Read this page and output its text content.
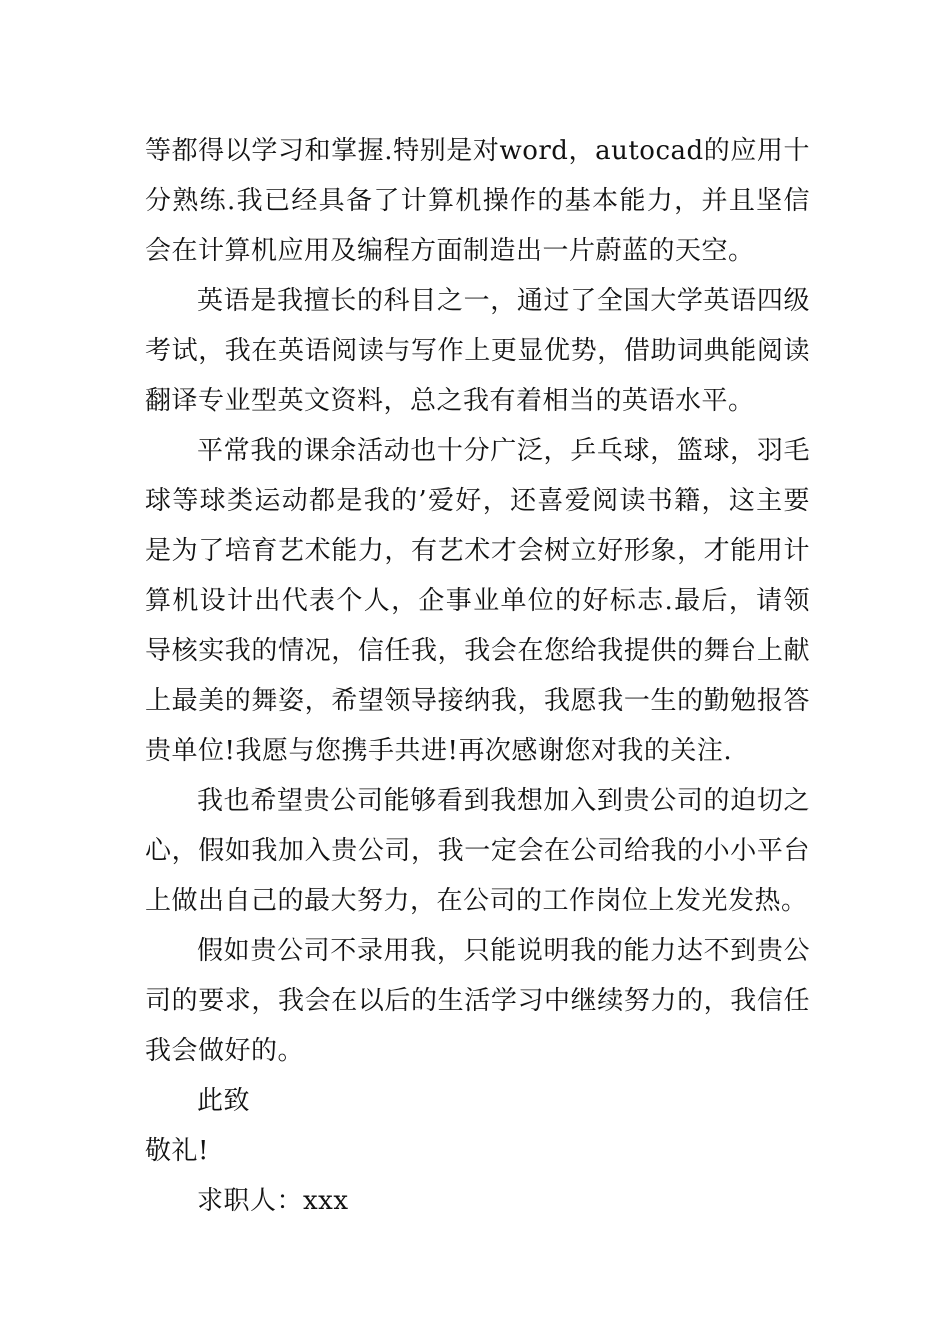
等都得以学习和掌握.特别是对word，autocad的应用十分熟练.我已经具备了计算机操作的基本能力，并且坚信会在计算机应用及编程方面制造出一片蔚蓝的天空。

英语是我擅长的科目之一，通过了全国大学英语四级考试，我在英语阅读与写作上更显优势，借助词典能阅读翻译专业型英文资料，总之我有着相当的英语水平。

平常我的课余活动也十分广泛，乒乓球，篮球，羽毛球等球类运动都是我的’爱好，还喜爱阅读书籍，这主要是为了培育艺术能力，有艺术才会树立好形象，才能用计算机设计出代表个人，企事业单位的好标志.最后，请领导核实我的情况，信任我，我会在您给我提供的舞台上献上最美的舞姿，希望领导接纳我，我愿我一生的勤勉报答贵单位!我愿与您携手共进!再次感谢您对我的关注.

我也希望贵公司能够看到我想加入到贵公司的迫切之心，假如我加入贵公司，我一定会在公司给我的小小平台上做出自己的最大努力，在公司的工作岗位上发光发热。

假如贵公司不录用我，只能说明我的能力达不到贵公司的要求，我会在以后的生活学习中继续努力的，我信任我会做好的。

此致

敬礼!

求职人：xxx
